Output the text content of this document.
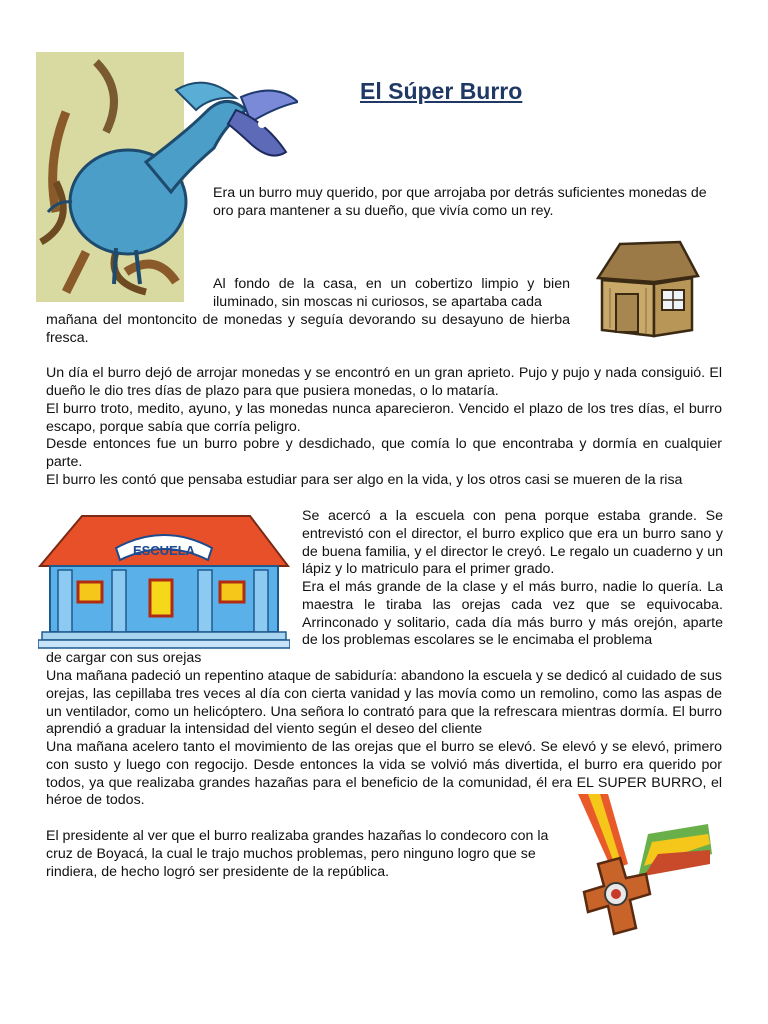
El Súper Burro

Era un burro muy querido, por que arrojaba por detrás suficientes monedas de oro para mantener a su dueño, que vivía como un rey.

Al fondo de la casa, en un cobertizo limpio y bien iluminado, sin moscas ni curiosos, se apartaba cada

mañana del montoncito de monedas y seguía devorando su desayuno de hierba fresca.

Un día el burro dejó de arrojar monedas y se encontró en un gran aprieto. Pujo y pujo y nada consiguió. El dueño le dio tres días de plazo para que pusiera monedas, o lo mataría.

El burro troto, medito, ayuno, y las monedas nunca aparecieron. Vencido el plazo de los tres días, el burro escapo, porque sabía que corría peligro.

Desde entonces fue un burro pobre y desdichado, que comía lo que encontraba y dormía en cualquier parte.

El burro les contó que pensaba estudiar para ser algo en la vida, y los otros casi se mueren de la risa

ESCUELA

Se acercó a la escuela con pena porque estaba grande. Se entrevistó con el director, el burro explico que era un burro sano y de buena familia, y el director le creyó. Le regalo un cuaderno y un lápiz y lo matriculo para el primer grado.

Era el más grande de la clase y el más burro, nadie lo quería. La maestra le tiraba las orejas cada vez que se equivocaba. Arrinconado y solitario, cada día más burro y más orejón, aparte de los problemas escolares se le encimaba el problema

de cargar con sus orejas

Una mañana padeció un repentino ataque de sabiduría: abandono la escuela y se dedicó al cuidado de sus orejas, las cepillaba tres veces al día con cierta vanidad y las movía como un remolino, como las aspas de un ventilador, como un helicóptero. Una señora lo contrató para que la refrescara mientras dormía. El burro aprendió a graduar la intensidad del viento según el deseo del cliente

Una mañana acelero tanto el movimiento de las orejas que el burro se elevó. Se elevó y se elevó, primero con susto y luego con regocijo. Desde entonces la vida se volvió más divertida, el burro era querido por todos, ya que realizaba grandes hazañas para el beneficio de la comunidad, él era EL SUPER BURRO, el héroe de todos.

El presidente al ver que el burro realizaba grandes hazañas lo condecoro con la cruz de Boyacá, la cual le trajo muchos problemas, pero ninguno logro que se rindiera, de hecho logró ser presidente de la república.
